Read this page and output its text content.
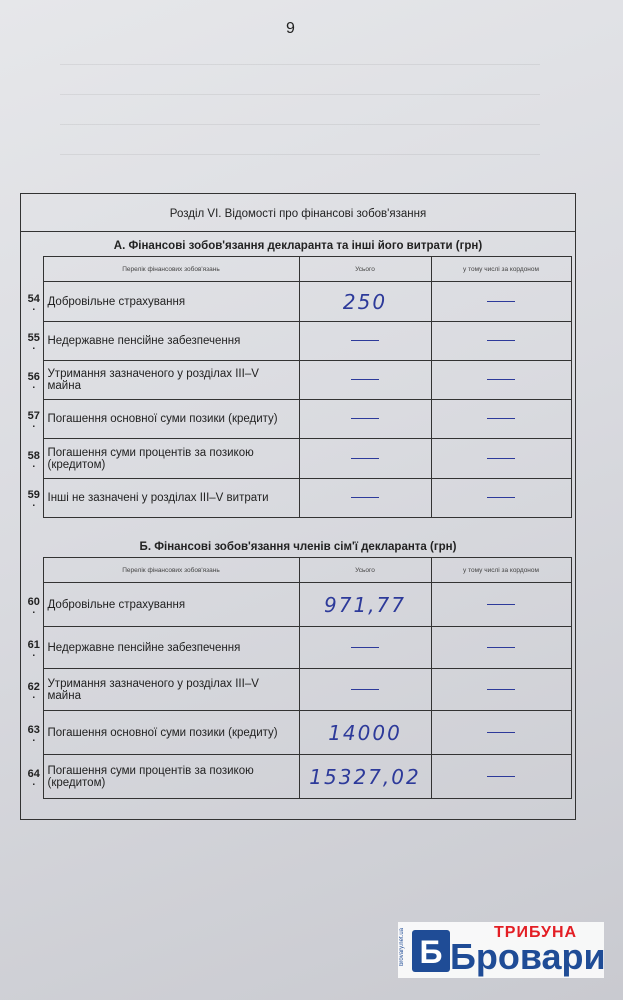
9
Розділ VI. Відомості про фінансові зобов'язання
А. Фінансові зобов'язання декларанта та інші його витрати (грн)
	Перелік фінансових зобов'язань	Усього	у тому числі за кордоном
54
.	Добровільне страхування	250	
55
.	Недержавне пенсійне забезпечення		
56
.	Утримання зазначеного у розділах III–V майна		
57
.	Погашення основної суми позики (кредиту)		
58
.	Погашення суми процентів за позикою (кредитом)		
59
.	Інші не зазначені у розділах III–V витрати		
Б. Фінансові зобов'язання членів сім'ї декларанта (грн)
	Перелік фінансових зобов'язань	Усього	у тому числі за кордоном
60
.	Добровільне страхування	971,77	
61
.	Недержавне пенсійне забезпечення		
62
.	Утримання зазначеного у розділах III–V майна		
63
.	Погашення основної суми позики (кредиту)	14000	
64
.	Погашення суми процентів за позикою (кредитом)	15327,02	
brovary.net.ua Б
ТРИБУНА
Бровари
